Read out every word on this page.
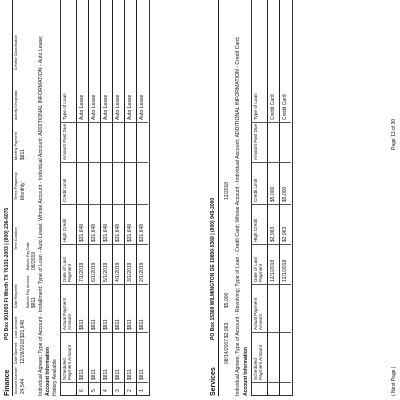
Finance
PO Box 901003 Ft Worth TX 76101-2003 | (800) 236-6075
Account Number
Date Opened
Loan Amount
Date Reported
Term Duration
Terms Frequency
Monthly Payment
Activity Designator
Creditor Classification
24,544
12/28/2018
$31,648
Monthly
$811
Balloon Pay Amount
Balloon Pay Date
$811
08/2019 Individual Agrees; Type of Account - Installment; Type of Loan - Auto Lease; Whose Account - Individual Account; ADDITIONAL INFORMATION - Auto Lease; Account Information History Available Scheduled Payment Amount
Actual Payment Amount
Date of Last Payment
High Credit
Credit Limit
Amount Past Due
Type of Loan
6
$811
$811
7/1/2019
$31,648
Auto Lease
5
$811
$811
6/1/2019
$31,648
Auto Lease
4
$811
$811
5/1/2019
$31,648
Auto Lease
3
$811
$811
4/1/2019
$31,648
Auto Lease
2
$811
$811
3/1/2019
$31,648
Auto Lease
1
$811
$811
2/1/2019
$31,648
Auto Lease
Services
PO Box 15369 WILMINGTON DE 19850-5369 | (800) 945-2000
08/14/2007
$2,963
$5,000
12/2018 Individual Agrees; Type of Account - Revolving; Type of Loan - Credit Card; Whose Account - Individual Account; ADDITIONAL INFORMATION - Credit Card; Account Information Scheduled Payment Amount
Actual Payment Amount
Date of Last Payment
High Credit
Credit Limit
Amount Past Due
Type of Loan
12/1/2018
$2,963
$5,000
Credit Card
12/1/2018
$2,963
$5,000
Credit Card
( Next Page )
Page 13 of 30
